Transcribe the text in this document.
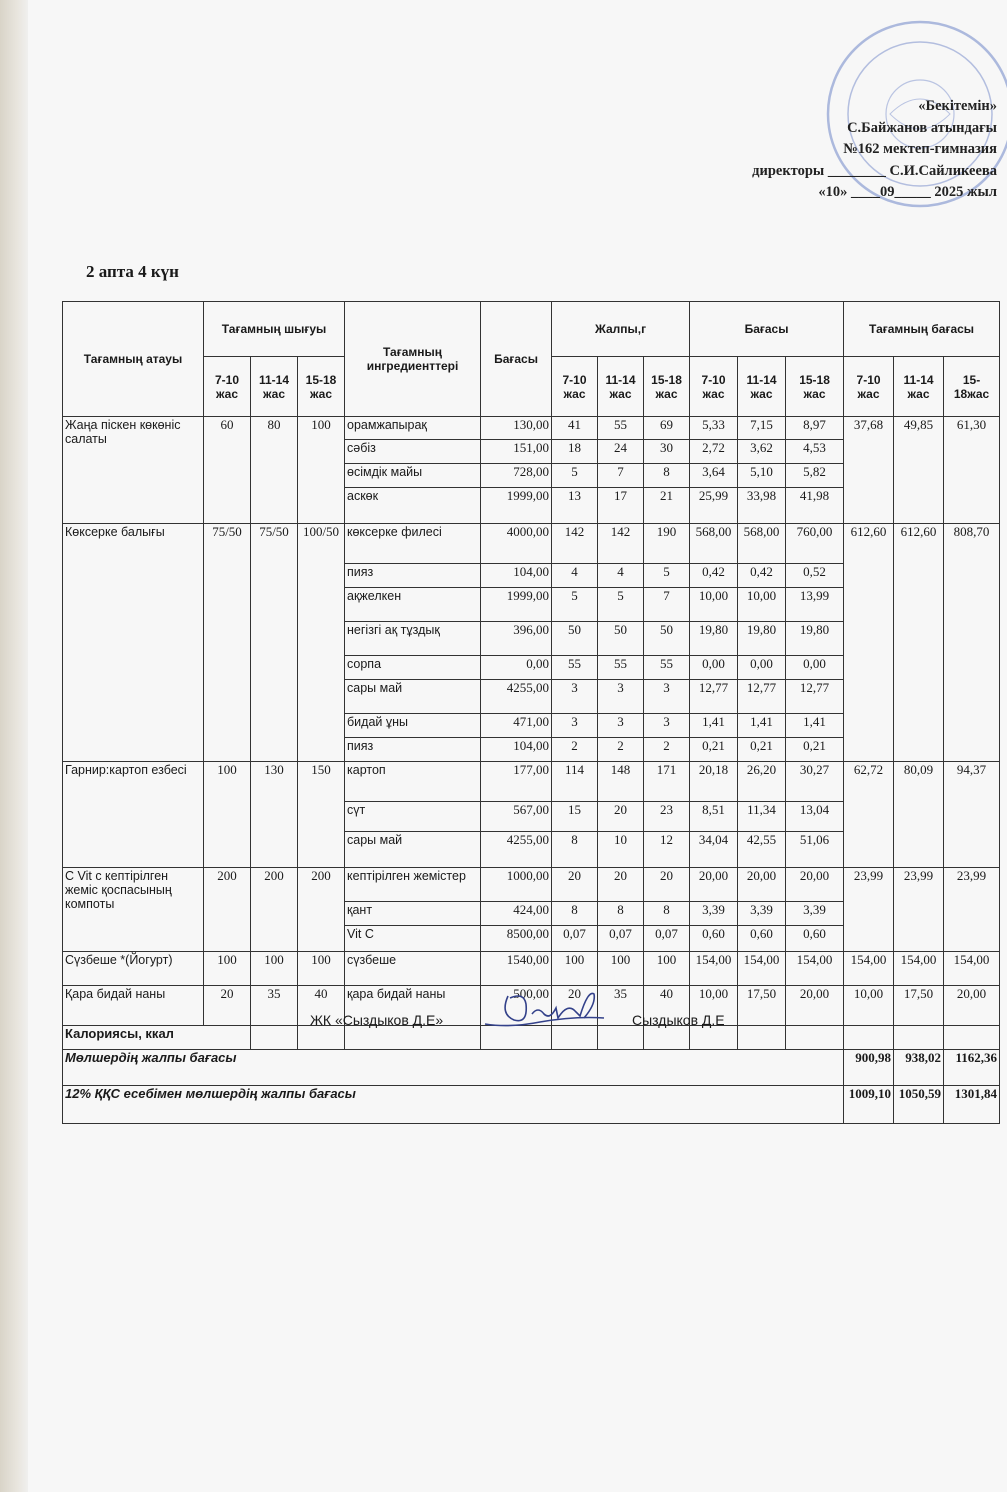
«Бекітемін»
С.Байжанов атындағы
№162 мектеп-гимназия
директоры ________ С.И.Сайликеева
«10» ____09_____ 2025 жыл
2 апта 4 күн
Тағамның атауы	Тағамның шығуы			Тағамның ингредиенттері	Бағасы	Жалпы,г			Бағасы			Тағамның бағасы		
	7-10 жас	11-14 жас	15-18 жас			7-10 жас	11-14 жас	15-18 жас	7-10 жас	11-14 жас	15-18 жас	7-10 жас	11-14 жас	15-18жас
Жаңа піскен көкөніс салаты	60	80	100	орамжапырақ	130,00	41	55	69	5,33	7,15	8,97	37,68	49,85	61,30
				сәбіз	151,00	18	24	30	2,72	3,62	4,53			
				өсімдік майы	728,00	5	7	8	3,64	5,10	5,82			
				аскөк	1999,00	13	17	21	25,99	33,98	41,98			
Көксерке балығы	75/50	75/50	100/50	көксерке филесі	4000,00	142	142	190	568,00	568,00	760,00	612,60	612,60	808,70
				пияз	104,00	4	4	5	0,42	0,42	0,52			
				ақжелкен	1999,00	5	5	7	10,00	10,00	13,99			
				негізгі ақ тұздық	396,00	50	50	50	19,80	19,80	19,80			
				сорпа	0,00	55	55	55	0,00	0,00	0,00			
				сары май	4255,00	3	3	3	12,77	12,77	12,77			
				бидай ұны	471,00	3	3	3	1,41	1,41	1,41			
				пияз	104,00	2	2	2	0,21	0,21	0,21			
Гарнир:картоп езбесі	100	130	150	картоп	177,00	114	148	171	20,18	26,20	30,27	62,72	80,09	94,37
				сүт	567,00	15	20	23	8,51	11,34	13,04			
				сары май	4255,00	8	10	12	34,04	42,55	51,06			
С Vit с кептірілген жеміс қоспасының компоты	200	200	200	кептірілген жемістер	1000,00	20	20	20	20,00	20,00	20,00	23,99	23,99	23,99
				қант	424,00	8	8	8	3,39	3,39	3,39			
				Vit C	8500,00	0,07	0,07	0,07	0,60	0,60	0,60			
Сүзбеше *(Йогурт)	100	100	100	сүзбеше	1540,00	100	100	100	154,00	154,00	154,00	154,00	154,00	154,00
Қара бидай наны	20	35	40	қара бидай наны	500,00	20	35	40	10,00	17,50	20,00	10,00	17,50	20,00
Калориясы, ккал														
Мөлшердің жалпы бағасы												900,98	938,02	1162,36
12% ҚҚС есебімен мөлшердің жалпы бағасы												1009,10	1050,59	1301,84
ЖК «Сыздыков Д.Е»	Сыздыков Д.Е
